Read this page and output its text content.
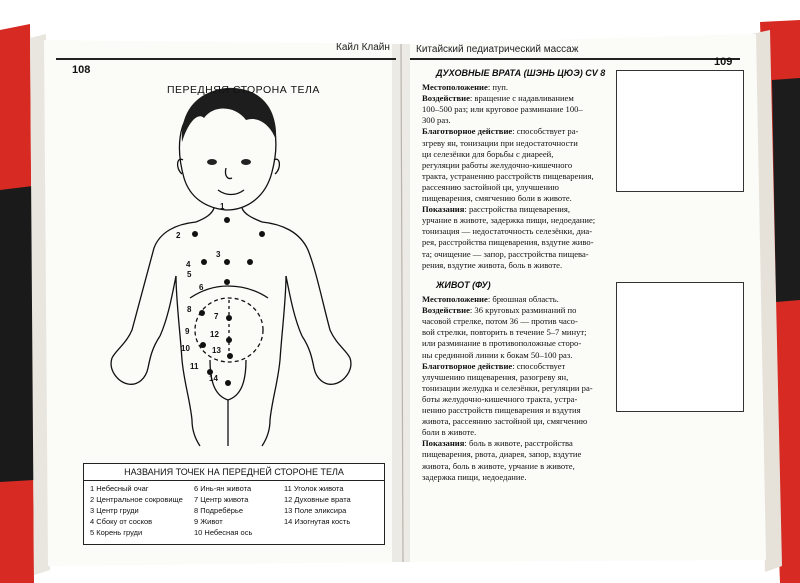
Кайл Клайн
108
ПЕРЕДНЯЯ СТОРОНА ТЕЛА
1
2
3
4
5
6
7
8
9
10
11
12
13
14
НАЗВАНИЯ ТОЧЕК НА ПЕРЕДНЕЙ СТОРОНЕ ТЕЛА
1 Небесный очаг
2 Центральное сокровище
3 Центр груди
4 Сбоку от сосков
5 Корень груди
6 Инь-ян живота
7 Центр живота
8 Подребёрье
9 Живот
10 Небесная ось
11 Уголок живота
12 Духовные врата
13 Поле эликсира
14 Изогнутая кость
Китайский педиатрический массаж
109
ДУХОВНЫЕ ВРАТА (ШЭНЬ ЦЮЭ) CV 8
Местоположение: пуп.
Воздействие: вращение с надавливанием
100–500 раз; или круговое разминание 100–
300 раз.
Благотворное действие: способствует ра-
згреву ян, тонизации при недостаточности
ци селезёнки для борьбы с диареей,
регуляции работы желудочно-кишечного
тракта, устранению расстройств пищеварения,
рассеянию застойной ци, улучшению
пищеварения, смягчению боли в животе.
Показания: расстройства пищеварения,
урчание в животе, задержка пищи, недоедание;
тонизация — недостаточность селезёнки, диа-
рея, расстройства пищеварения, вздутие живо-
та; очищение — запор, расстройства пищева-
рения, вздутие живота, боль в животе.
ЖИВОТ (ФУ)
Местоположение: брюшная область.
Воздействие: 36 круговых разминаний по
часовой стрелке, потом 36 — против часо-
вой стрелки, повторить в течение 5–7 минут;
или разминание в противоположные сторо-
ны срединной линии к бокам 50–100 раз.
Благотворное действие: способствует
улучшению пищеварения, разогреву ян,
тонизации желудка и селезёнки, регуляции ра-
боты желудочно-кишечного тракта, устра-
нению расстройств пищеварения и вздутия
живота, рассеянию застойной ци, смягчению
боли в животе.
Показания: боль в животе, расстройства
пищеварения, рвота, диарея, запор, вздутие
живота, боль в животе, урчание в животе,
задержка пищи, недоедание.
